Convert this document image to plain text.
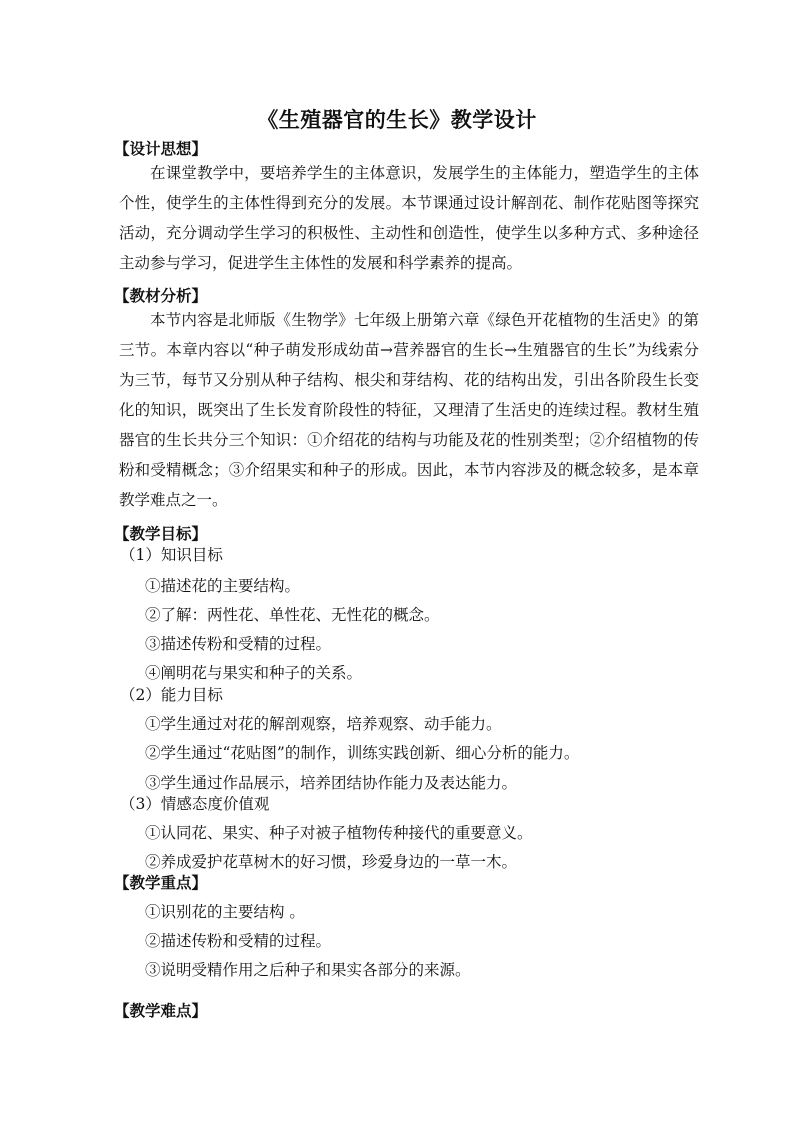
《生殖器官的生长》教学设计
【设计思想】
在课堂教学中，要培养学生的主体意识，发展学生的主体能力，塑造学生的主体个性，使学生的主体性得到充分的发展。本节课通过设计解剖花、制作花贴图等探究活动，充分调动学生学习的积极性、主动性和创造性，使学生以多种方式、多种途径主动参与学习，促进学生主体性的发展和科学素养的提高。
【教材分析】
本节内容是北师版《生物学》七年级上册第六章《绿色开花植物的生活史》的第三节。本章内容以“种子萌发形成幼苗→营养器官的生长→生殖器官的生长”为线索分为三节，每节又分别从种子结构、根尖和芽结构、花的结构出发，引出各阶段生长变化的知识，既突出了生长发育阶段性的特征，又理清了生活史的连续过程。教材生殖器官的生长共分三个知识：①介绍花的结构与功能及花的性别类型；②介绍植物的传粉和受精概念；③介绍果实和种子的形成。因此，本节内容涉及的概念较多，是本章教学难点之一。
【教学目标】
（1）知识目标
①描述花的主要结构。
②了解：两性花、单性花、无性花的概念。
③描述传粉和受精的过程。
④阐明花与果实和种子的关系。
（2）能力目标
①学生通过对花的解剖观察，培养观察、动手能力。
②学生通过“花贴图”的制作，训练实践创新、细心分析的能力。
③学生通过作品展示，培养团结协作能力及表达能力。
（3）情感态度价值观
①认同花、果实、种子对被子植物传种接代的重要意义。
②养成爱护花草树木的好习惯，珍爱身边的一草一木。
【教学重点】
①识别花的主要结构 。
②描述传粉和受精的过程。
③说明受精作用之后种子和果实各部分的来源。
【教学难点】
